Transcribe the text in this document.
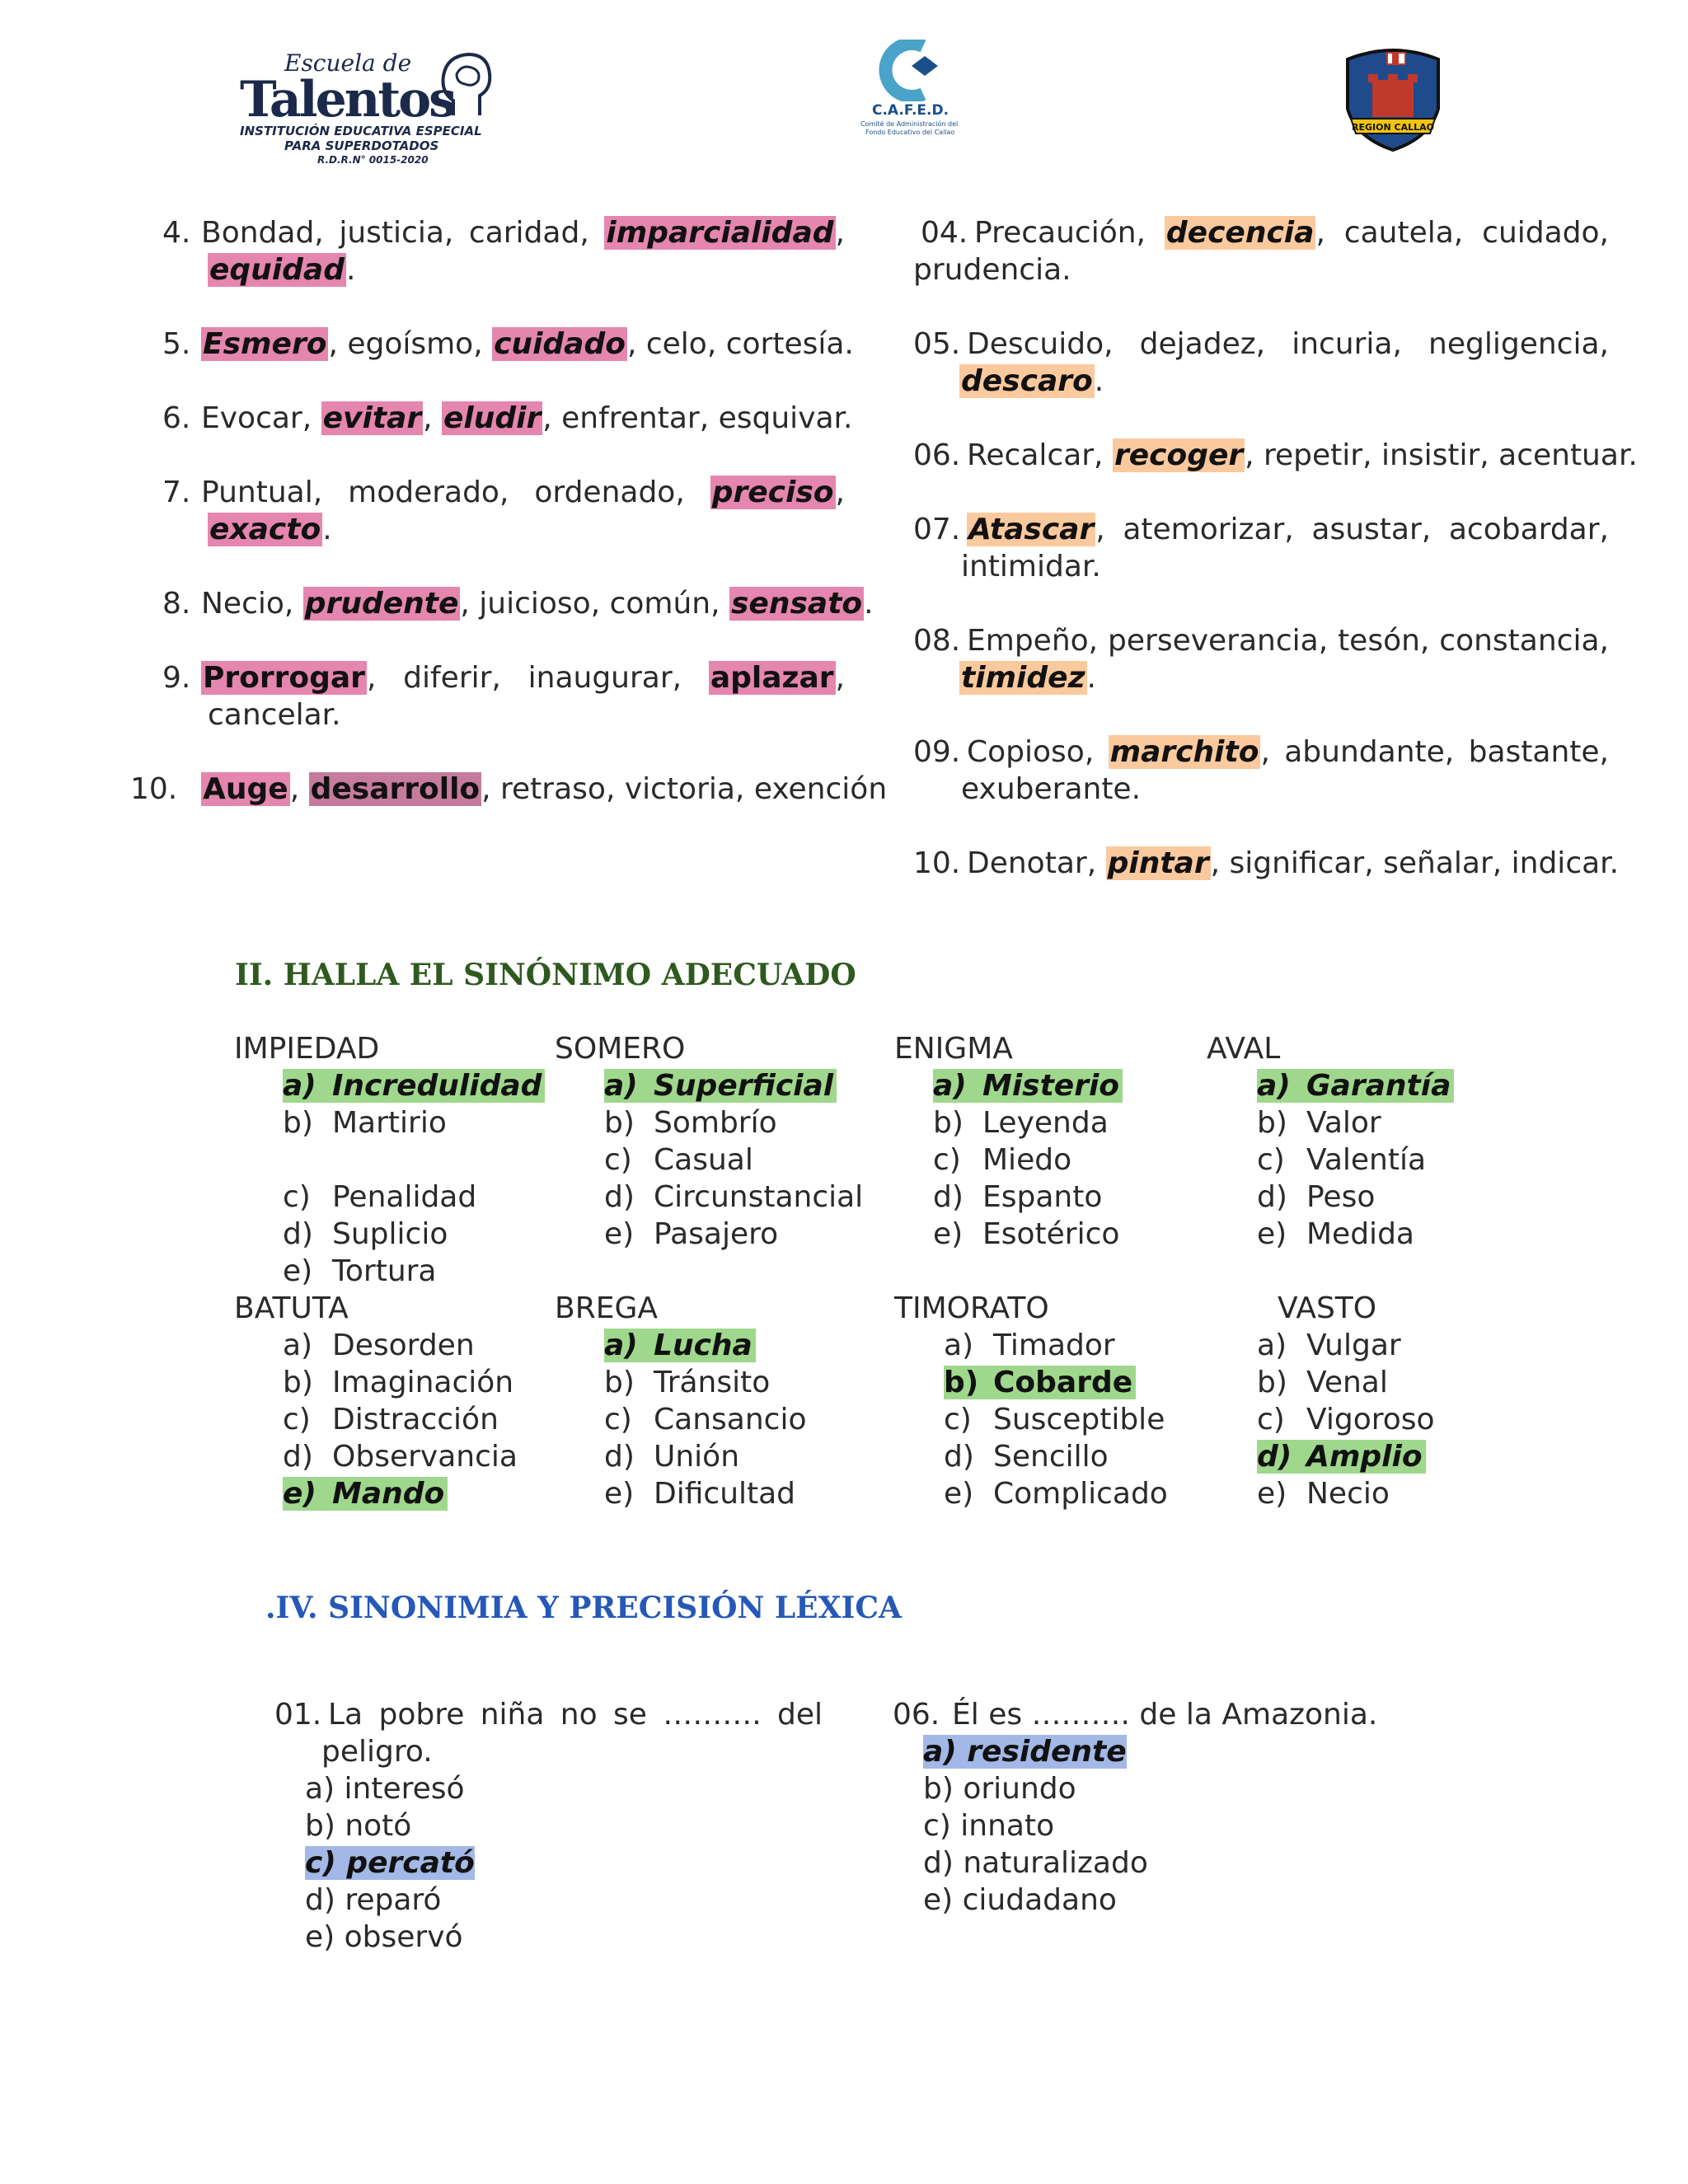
Escuela de
Talentos
INSTITUCIÓN EDUCATIVA ESPECIAL
PARA SUPERDOTADOS
R.D.R.N° 0015-2020
C.A.F.E.D.
Comité de Administración del
Fondo Educativo del Callao	REGION CALLAO
4. Bondad, justicia, caridad, imparcialidad,
equidad.
5. Esmero, egoísmo, cuidado, celo, cortesía.
6. Evocar, evitar, eludir, enfrentar, esquivar.
7. Puntual, moderado, ordenado, preciso,
exacto.
8. Necio, prudente, juicioso, común, sensato.
9. Prorrogar, diferir, inaugurar, aplazar,
cancelar.
10. Auge, desarrollo, retraso, victoria, exención
04. Precaución, decencia, cautela, cuidado,
prudencia.
05. Descuido, dejadez, incuria, negligencia,
descaro.
06. Recalcar, recoger, repetir, insistir, acentuar.
07. Atascar, atemorizar, asustar, acobardar,
intimidar.
08. Empeño, perseverancia, tesón, constancia,
timidez.
09. Copioso, marchito, abundante, bastante,
exuberante.
10. Denotar, pintar, significar, señalar, indicar.
II. HALLA EL SINÓNIMO ADECUADO
IMPIEDAD
a) Incredulidad
b) Martirio
c) Penalidad
d) Suplicio
e) Tortura
SOMERO
a) Superficial
b) Sombrío
c) Casual
d) Circunstancial
e) Pasajero
ENIGMA
a) Misterio
b) Leyenda
c) Miedo
d) Espanto
e) Esotérico
AVAL
a) Garantía
b) Valor
c) Valentía
d) Peso
e) Medida
BATUTA
a) Desorden
b) Imaginación
c) Distracción
d) Observancia
e) Mando
BREGA
a) Lucha
b) Tránsito
c) Cansancio
d) Unión
e) Dificultad
TIMORATO
a) Timador
b) Cobarde
c) Susceptible
d) Sencillo
e) Complicado
VASTO
a) Vulgar
b) Venal
c) Vigoroso
d) Amplio
e) Necio
.IV. SINONIMIA Y PRECISIÓN LÉXICA
01. La pobre niña no se ………. del
peligro.
a) interesó
b) notó
c) percató
d) reparó
e) observó
06. Él es ………. de la Amazonia.
a) residente
b) oriundo
c) innato
d) naturalizado
e) ciudadano
